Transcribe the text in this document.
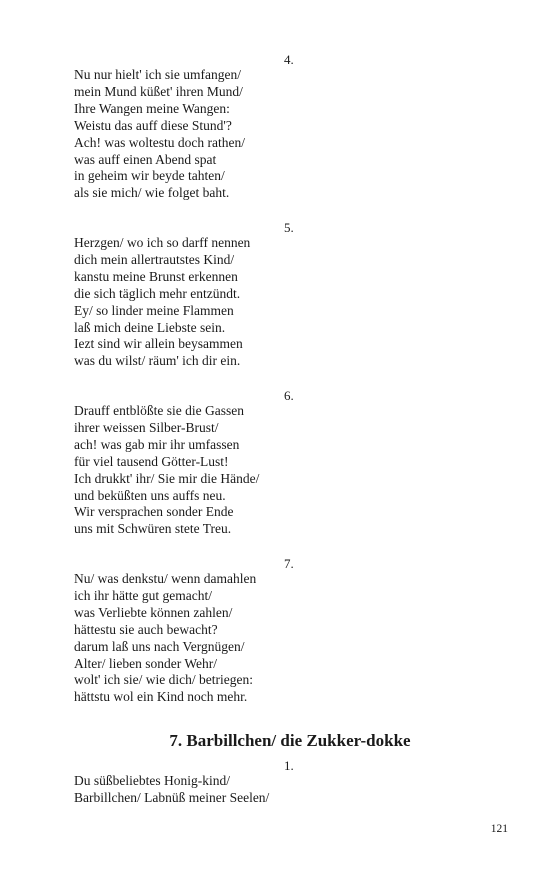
4.
Nu nur hielt' ich sie umfangen/
mein Mund küßet' ihren Mund/
Ihre Wangen meine Wangen:
Weistu das auff diese Stund'?
Ach! was woltestu doch rathen/
was auff einen Abend spat
in geheim wir beyde tahten/
als sie mich/ wie folget baht.
5.
Herzgen/ wo ich so darff nennen
dich mein allertrautstes Kind/
kanstu meine Brunst erkennen
die sich täglich mehr entzündt.
Ey/ so linder meine Flammen
laß mich deine Liebste sein.
Iezt sind wir allein beysammen
was du wilst/ räum' ich dir ein.
6.
Drauff entblößte sie die Gassen
ihrer weissen Silber-Brust/
ach! was gab mir ihr umfassen
für viel tausend Götter-Lust!
Ich drukkt' ihr/ Sie mir die Hände/
und beküßten uns auffs neu.
Wir versprachen sonder Ende
uns mit Schwüren stete Treu.
7.
Nu/ was denkstu/ wenn damahlen
ich ihr hätte gut gemacht/
was Verliebte können zahlen/
hättestu sie auch bewacht?
darum laß uns nach Vergnügen/
Alter/ lieben sonder Wehr/
wolt' ich sie/ wie dich/ betriegen:
hättstu wol ein Kind noch mehr.
7. Barbillchen/ die Zukker-dokke
1.
Du süßbeliebtes Honig-kind/
Barbillchen/ Labnüß meiner Seelen/
121
